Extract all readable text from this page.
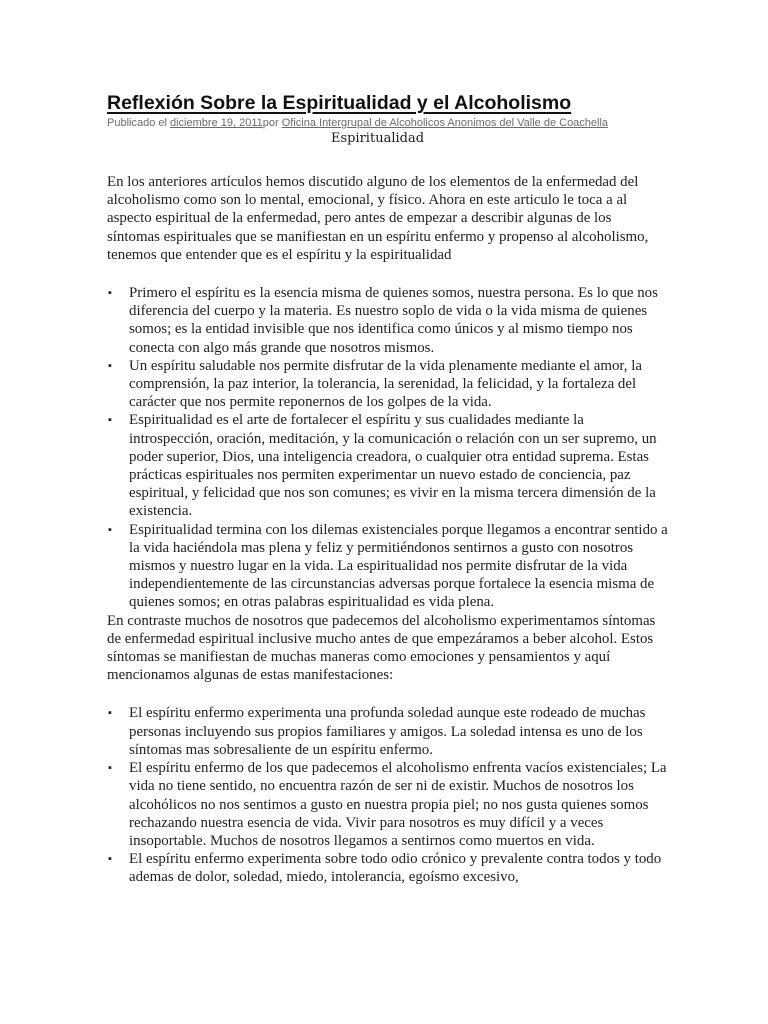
Reflexión Sobre la Espiritualidad y el Alcoholismo
Publicado el diciembre 19, 2011por Oficina Intergrupal de Alcoholicos Anonimos del Valle de Coachella
Espiritualidad

En los anteriores artículos hemos discutido alguno de los elementos de la enfermedad del alcoholismo como son lo mental, emocional, y físico. Ahora en este articulo le toca a al aspecto espiritual de la enfermedad, pero antes de empezar a describir algunas de los síntomas espirituales que se manifiestan en un espíritu enfermo y propenso al alcoholismo, tenemos que entender que es el espíritu y la espiritualidad

▪ Primero el espíritu es la esencia misma de quienes somos, nuestra persona. Es lo que nos diferencia del cuerpo y la materia. Es nuestro soplo de vida o la vida misma de quienes somos; es la entidad invisible que nos identifica como únicos y al mismo tiempo nos conecta con algo más grande que nosotros mismos.
▪ Un espíritu saludable nos permite disfrutar de la vida plenamente mediante el amor, la comprensión, la paz interior, la tolerancia, la serenidad, la felicidad, y la fortaleza del carácter que nos permite reponernos de los golpes de la vida.
▪ Espiritualidad es el arte de fortalecer el espíritu y sus cualidades mediante la introspección, oración, meditación, y la comunicación o relación con un ser supremo, un poder superior, Dios, una inteligencia creadora, o cualquier otra entidad suprema. Estas prácticas espirituales nos permiten experimentar un nuevo estado de conciencia, paz espiritual, y felicidad que nos son comunes; es vivir en la misma tercera dimensión de la existencia.
▪ Espiritualidad termina con los dilemas existenciales porque llegamos a encontrar sentido a la vida haciéndola mas plena y feliz y permitiéndonos sentirnos a gusto con nosotros mismos y nuestro lugar en la vida. La espiritualidad nos permite disfrutar de la vida independientemente de las circunstancias adversas porque fortalece la esencia misma de quienes somos; en otras palabras espiritualidad es vida plena.

En contraste muchos de nosotros que padecemos del alcoholismo experimentamos síntomas de enfermedad espiritual inclusive mucho antes de que empezáramos a beber alcohol. Estos síntomas se manifiestan de muchas maneras como emociones y pensamientos y aquí mencionamos algunas de estas manifestaciones:

▪ El espíritu enfermo experimenta una profunda soledad aunque este rodeado de muchas personas incluyendo sus propios familiares y amigos. La soledad intensa es uno de los síntomas mas sobresaliente de un espíritu enfermo.
▪ El espíritu enfermo de los que padecemos el alcoholismo enfrenta vacíos existenciales; La vida no tiene sentido, no encuentra razón de ser ni de existir. Muchos de nosotros los alcohólicos no nos sentimos a gusto en nuestra propia piel; no nos gusta quienes somos rechazando nuestra esencia de vida. Vivir para nosotros es muy difícil y a veces insoportable. Muchos de nosotros llegamos a sentirnos como muertos en vida.
▪ El espíritu enfermo experimenta sobre todo odio crónico y prevalente contra todos y todo ademas de dolor, soledad, miedo, intolerancia, egoísmo excesivo,
